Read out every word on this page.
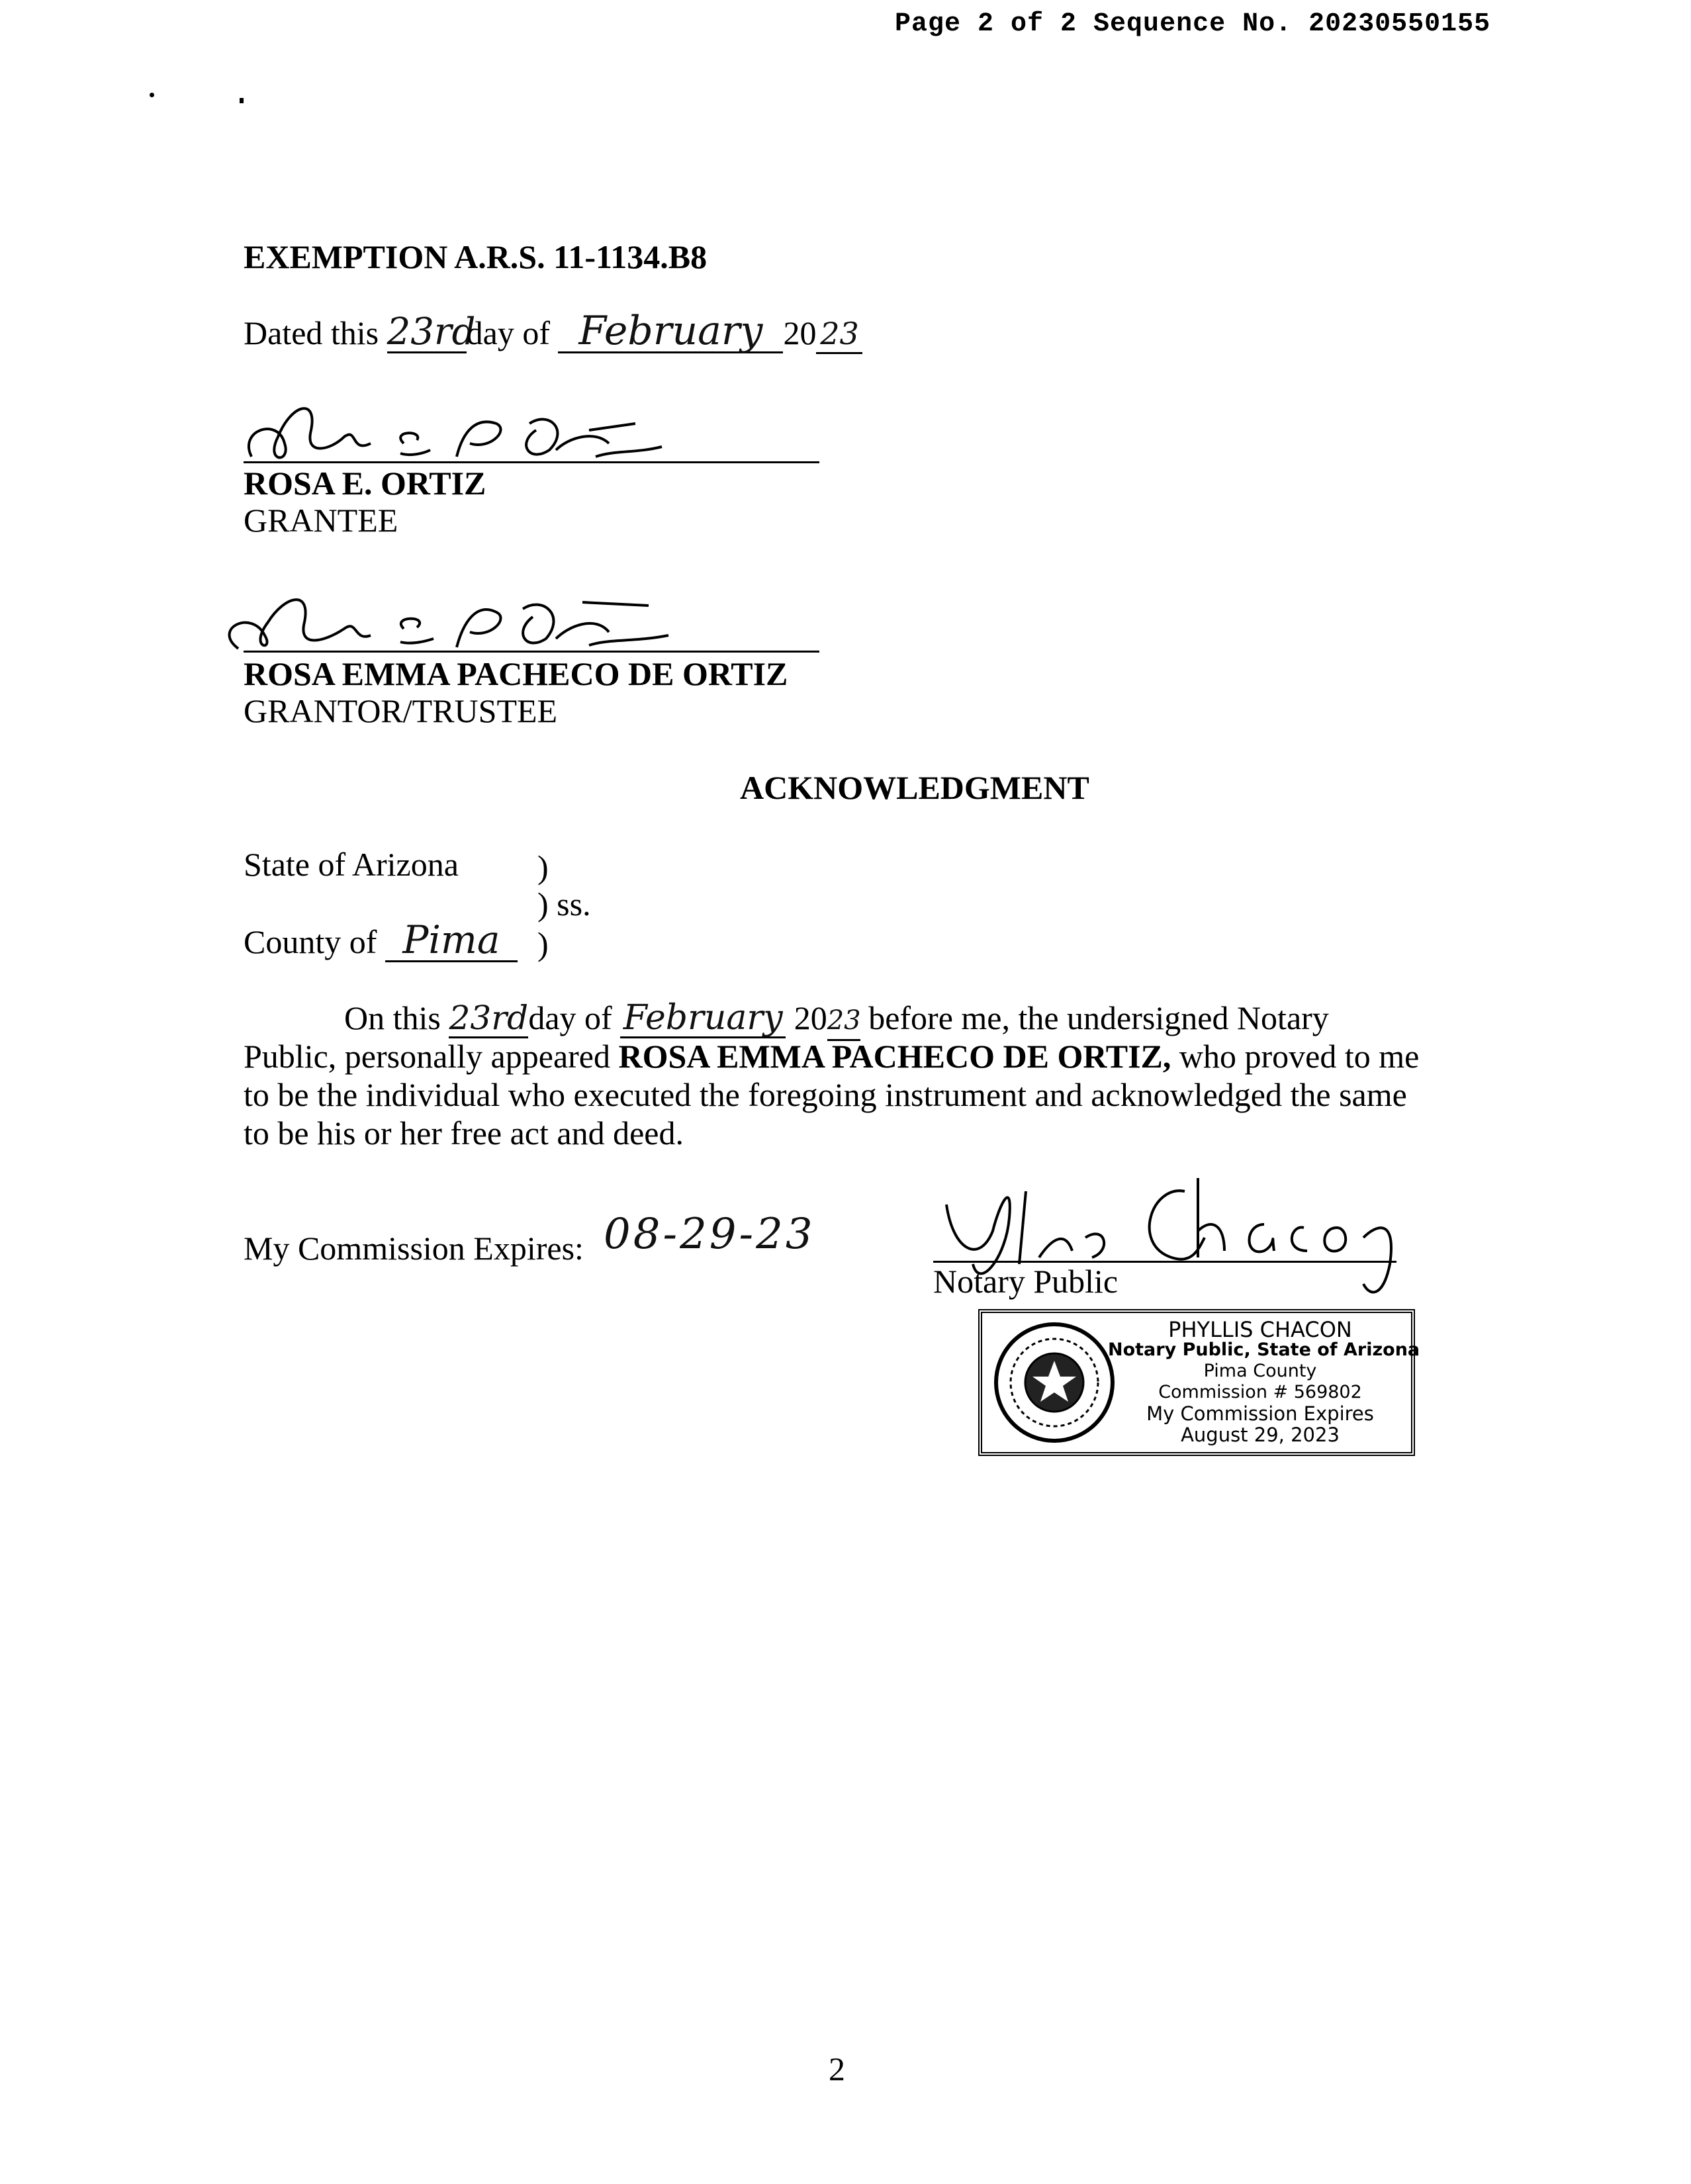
Page 2 of 2 Sequence No. 20230550155
EXEMPTION A.R.S. 11-1134.B8
Dated this 23rdday of February 20 23
ROSA E. ORTIZ
GRANTEE
ROSA EMMA PACHECO DE ORTIZ
GRANTOR/TRUSTEE
ACKNOWLEDGMENT
State of Arizona )
) ss.
County of Pima	)
On this 23rdday of February 2023 before me, the undersigned Notary
Public, personally appeared ROSA EMMA PACHECO DE ORTIZ, who proved to me
to be the individual who executed the foregoing instrument and acknowledged the same
to be his or her free act and deed.
My Commission Expires: 08-29-23
Notary Public
PHYLLIS CHACON
Notary Public, State of Arizona
Pima County
Commission # 569802
My Commission Expires
August 29, 2023
2
